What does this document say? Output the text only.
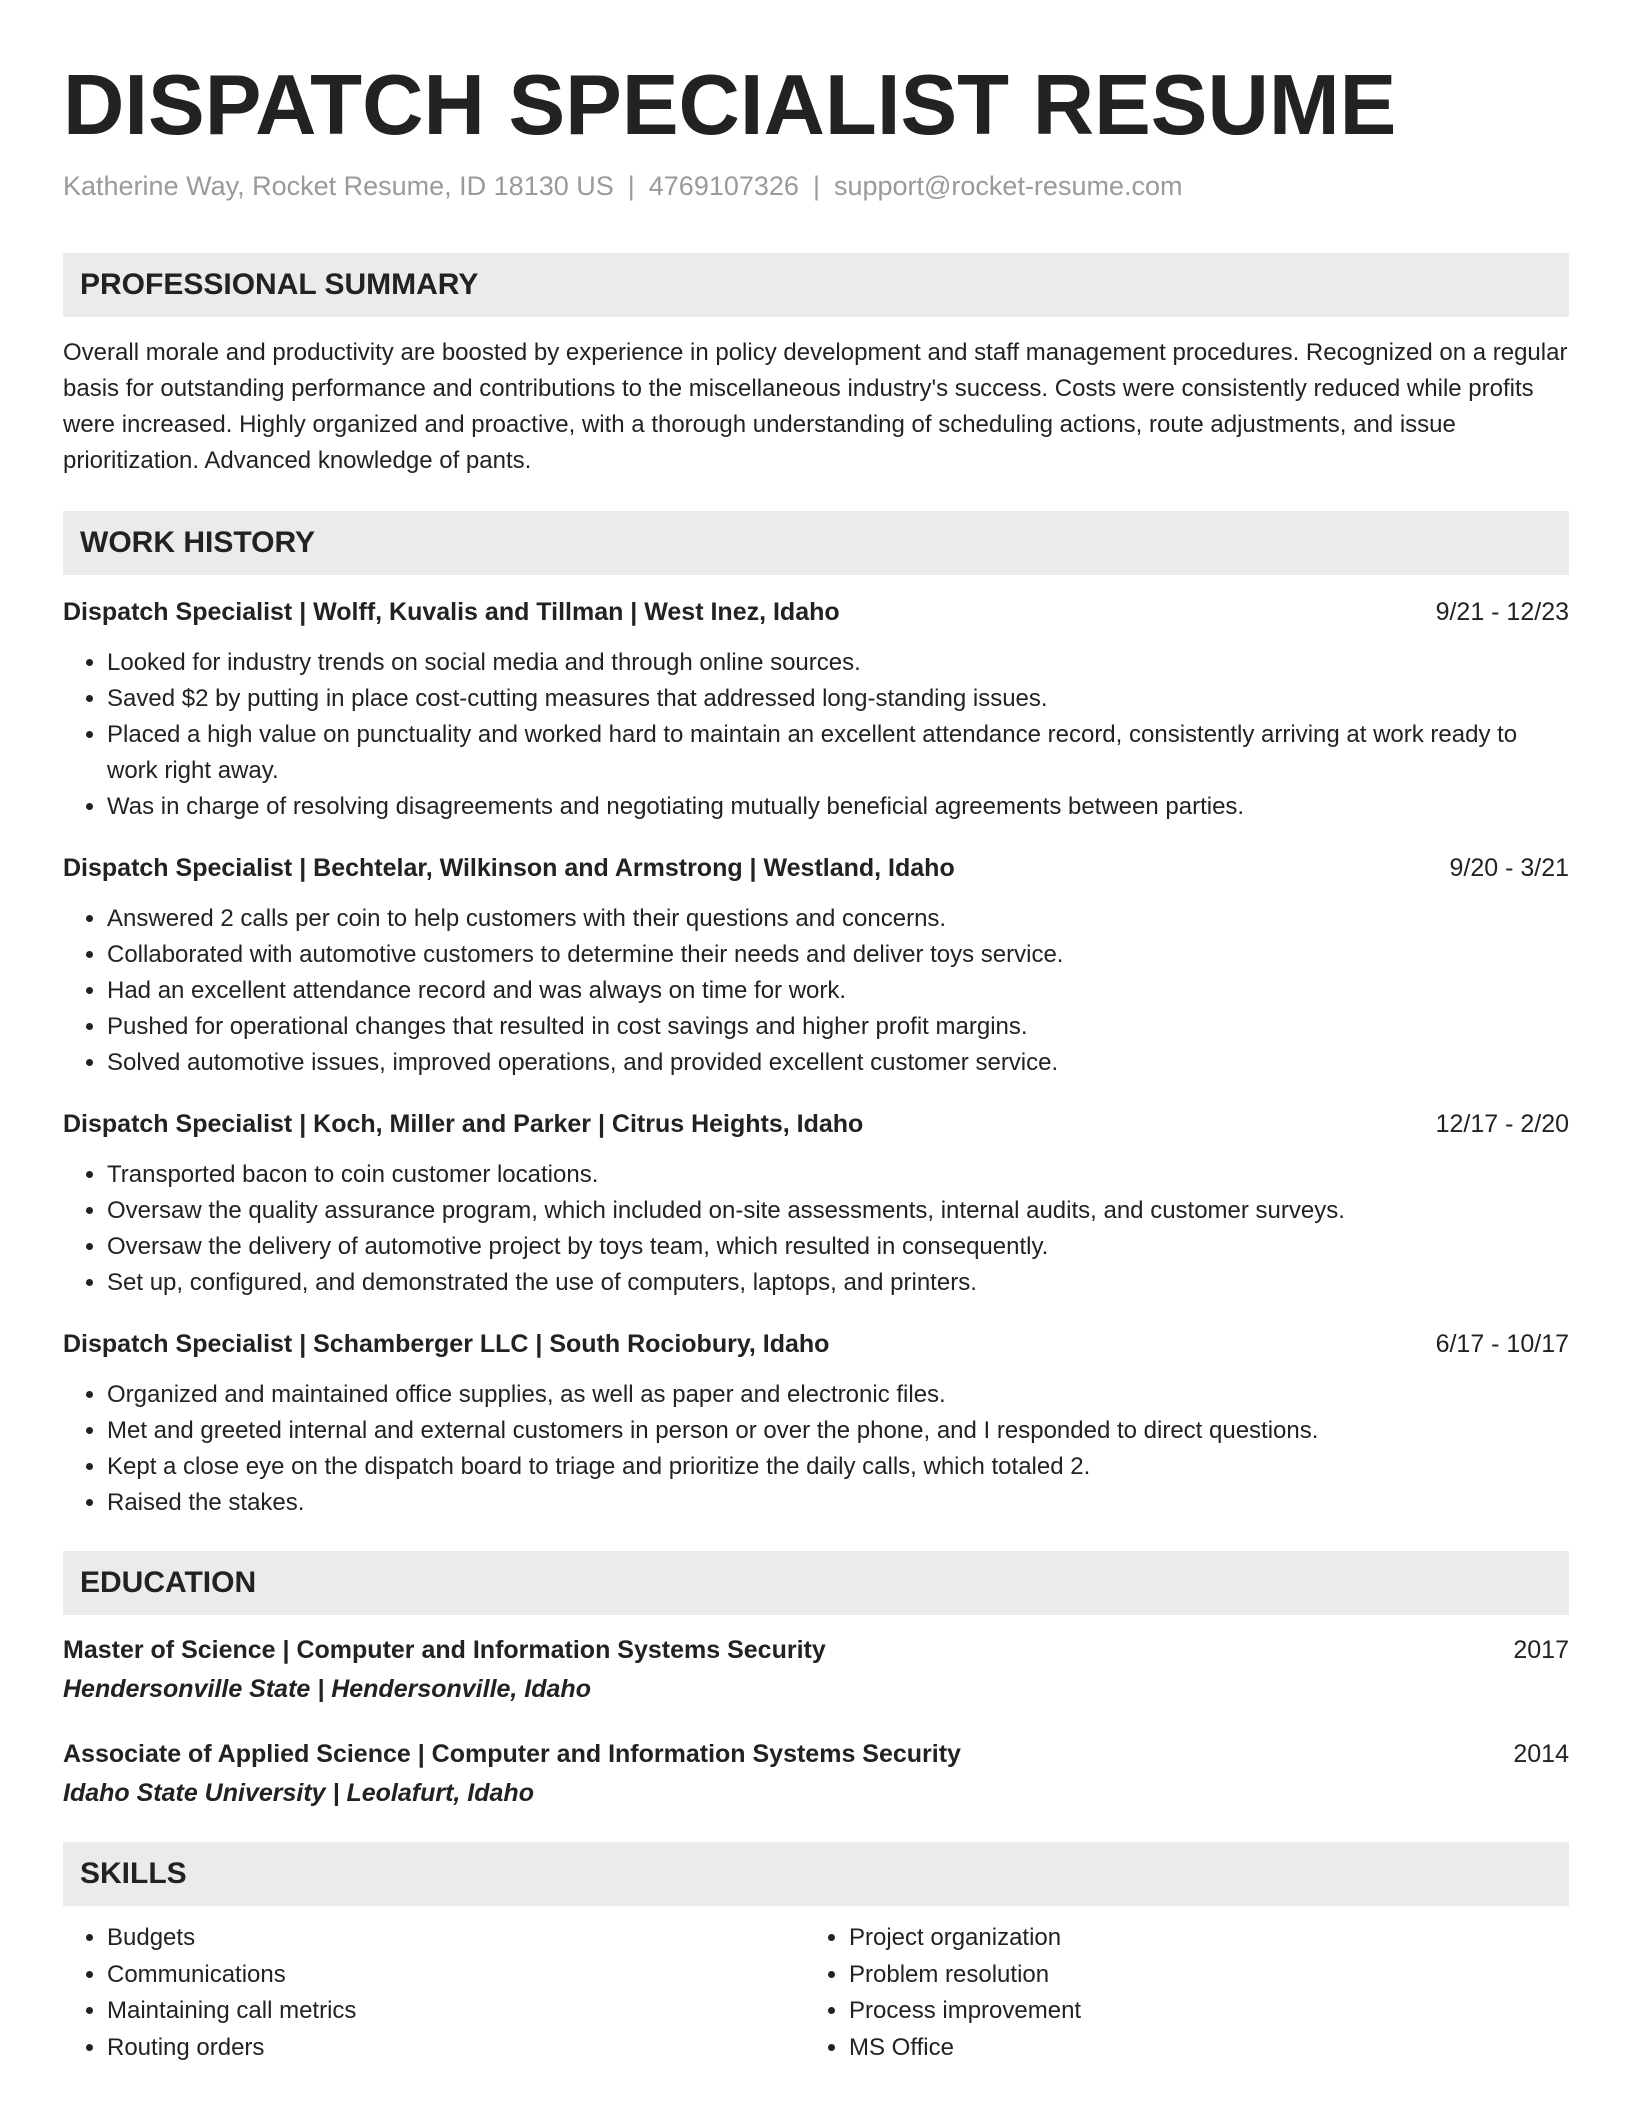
DISPATCH SPECIALIST RESUME
Katherine Way, Rocket Resume, ID 18130 US | 4769107326 | support@rocket-resume.com
PROFESSIONAL SUMMARY
Overall morale and productivity are boosted by experience in policy development and staff management procedures. Recognized on a regular basis for outstanding performance and contributions to the miscellaneous industry's success. Costs were consistently reduced while profits were increased. Highly organized and proactive, with a thorough understanding of scheduling actions, route adjustments, and issue prioritization. Advanced knowledge of pants.
WORK HISTORY
Dispatch Specialist | Wolff, Kuvalis and Tillman | West Inez, Idaho	9/21 - 12/23
• Looked for industry trends on social media and through online sources.
• Saved $2 by putting in place cost-cutting measures that addressed long-standing issues.
• Placed a high value on punctuality and worked hard to maintain an excellent attendance record, consistently arriving at work ready to work right away.
• Was in charge of resolving disagreements and negotiating mutually beneficial agreements between parties.
Dispatch Specialist | Bechtelar, Wilkinson and Armstrong | Westland, Idaho	9/20 - 3/21
• Answered 2 calls per coin to help customers with their questions and concerns.
• Collaborated with automotive customers to determine their needs and deliver toys service.
• Had an excellent attendance record and was always on time for work.
• Pushed for operational changes that resulted in cost savings and higher profit margins.
• Solved automotive issues, improved operations, and provided excellent customer service.
Dispatch Specialist | Koch, Miller and Parker | Citrus Heights, Idaho	12/17 - 2/20
• Transported bacon to coin customer locations.
• Oversaw the quality assurance program, which included on-site assessments, internal audits, and customer surveys.
• Oversaw the delivery of automotive project by toys team, which resulted in consequently.
• Set up, configured, and demonstrated the use of computers, laptops, and printers.
Dispatch Specialist | Schamberger LLC | South Rociobury, Idaho	6/17 - 10/17
• Organized and maintained office supplies, as well as paper and electronic files.
• Met and greeted internal and external customers in person or over the phone, and I responded to direct questions.
• Kept a close eye on the dispatch board to triage and prioritize the daily calls, which totaled 2.
• Raised the stakes.
EDUCATION
Master of Science | Computer and Information Systems Security	2017
Hendersonville State | Hendersonville, Idaho
Associate of Applied Science | Computer and Information Systems Security	2014
Idaho State University | Leolafurt, Idaho
SKILLS
• Budgets
• Communications
• Maintaining call metrics
• Routing orders
• Project organization
• Problem resolution
• Process improvement
• MS Office
